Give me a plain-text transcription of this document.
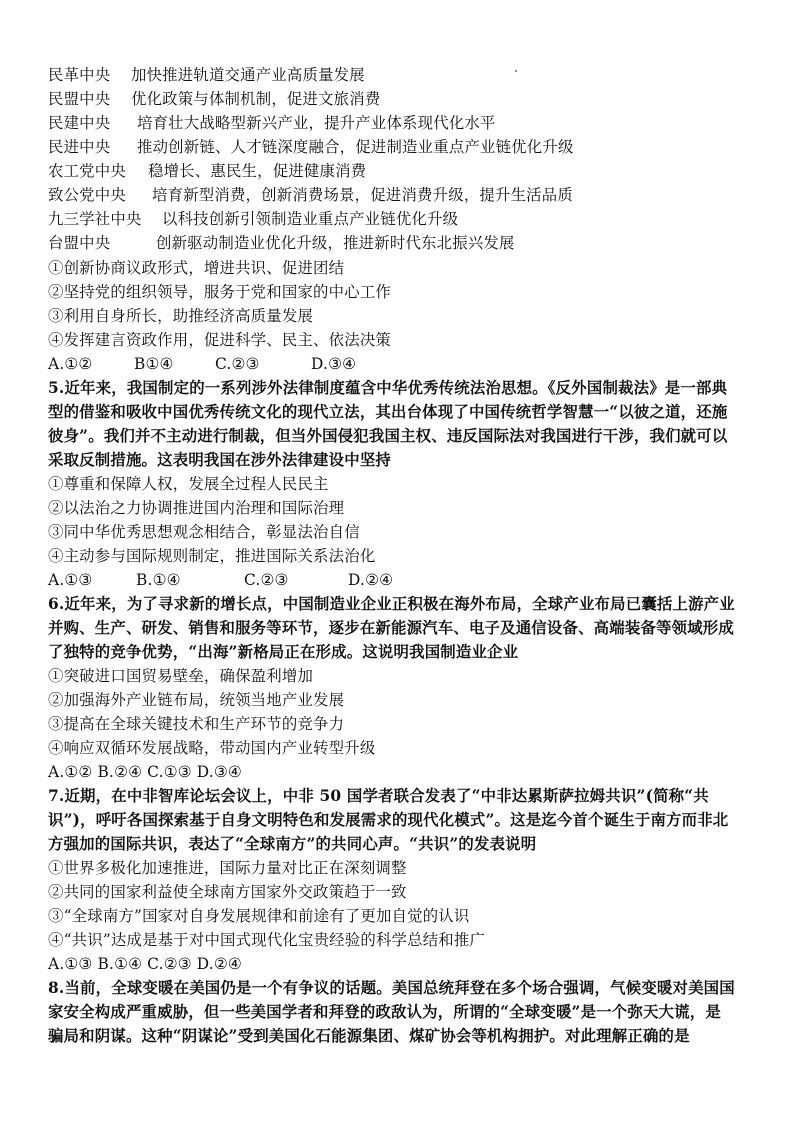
民革中央 加快推进轨道交通产业高质量发展
民盟中央 优化政策与体制机制，促进文旅消费
民建中央 培育壮大战略型新兴产业，提升产业体系现代化水平
民进中央 推动创新链、人才链深度融合，促进制造业重点产业链优化升级
农工党中央 稳增长、惠民生，促进健康消费
致公党中央 培育新型消费，创新消费场景，促进消费升级，提升生活品质
九三学社中央 以科技创新引领制造业重点产业链优化升级
台盟中央	创新驱动制造业优化升级，推进新时代东北振兴发展
①创新协商议政形式，增进共识、促进团结
②坚持党的组织领导，服务于党和国家的中心工作
③利用自身所长，助推经济高质量发展
④发挥建言资政作用，促进科学、民主、依法决策
A.①②	B①④	C.②③	D.③④
5.近年来，我国制定的一系列涉外法律制度蕴含中华优秀传统法治思想。《反外国制裁法》是一部典
型的借鉴和吸收中国优秀传统文化的现代立法，其出台体现了中国传统哲学智慧一“以彼之道，还施
彼身”。我们并不主动进行制裁，但当外国侵犯我国主权、违反国际法对我国进行干涉，我们就可以
采取反制措施。这表明我国在涉外法律建设中坚持
①尊重和保障人权，发展全过程人民民主
②以法治之力协调推进国内治理和国际治理
③同中华优秀思想观念相结合，彰显法治自信
④主动参与国际规则制定，推进国际关系法治化
A.①③	B.①④	C.②③	D.②④
6.近年来，为了寻求新的增长点，中国制造业企业正积极在海外布局，全球产业布局已囊括上游产业
并购、生产、研发、销售和服务等环节，逐步在新能源汽车、电子及通信设备、高端装备等领域形成
了独特的竞争优势，“出海”新格局正在形成。这说明我国制造业企业
①突破进口国贸易壁垒，确保盈利增加
②加强海外产业链布局，统领当地产业发展
③提高在全球关键技术和生产环节的竞争力
④响应双循环发展战略，带动国内产业转型升级
A.①② B.②④ C.①③ D.③④
7.近期，在中非智库论坛会议上，中非 50 国学者联合发表了“中非达累斯萨拉姆共识”(简称“共
识”)，呼吁各国探索基于自身文明特色和发展需求的现代化模式”。这是迄今首个诞生于南方而非北
方强加的国际共识，表达了“全球南方”的共同心声。“共识”的发表说明
①世界多极化加速推进，国际力量对比正在深刻调整
②共同的国家利益使全球南方国家外交政策趋于一致
③“全球南方”国家对自身发展规律和前途有了更加自觉的认识
④“共识”达成是基于对中国式现代化宝贵经验的科学总结和推广
A.①③ B.①④ C.②③ D.②④
8.当前，全球变暖在美国仍是一个有争议的话题。美国总统拜登在多个场合强调，气候变暖对美国国
家安全构成严重威胁，但一些美国学者和拜登的政敌认为，所谓的“全球变暖”是一个弥天大谎，是
骗局和阴谋。这种“阴谋论”受到美国化石能源集团、煤矿协会等机构拥护。对此理解正确的是
